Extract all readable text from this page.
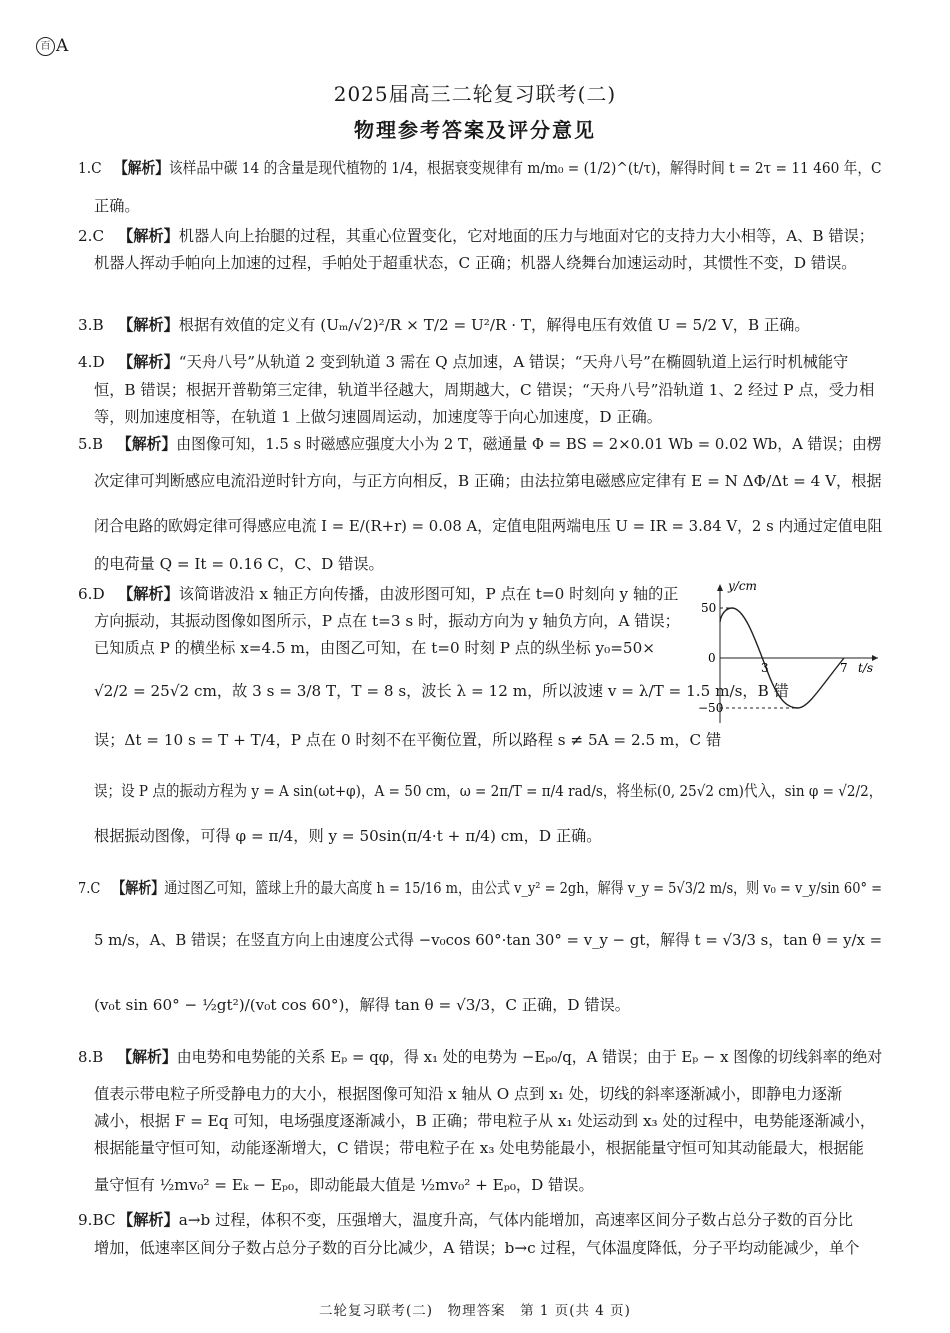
百 A
2025届高三二轮复习联考(二)
物理参考答案及评分意见
1.C 【解析】该样品中碳 14 的含量是现代植物的 1/4，根据衰变规律有 m/m₀ = (1/2)^(t/τ)，解得时间 t = 2τ = 11 460 年，C
正确。
2.C 【解析】机器人向上抬腿的过程，其重心位置变化，它对地面的压力与地面对它的支持力大小相等，A、B 错误；
机器人挥动手帕向上加速的过程，手帕处于超重状态，C 正确；机器人绕舞台加速运动时，其惯性不变，D 错误。
3.B 【解析】根据有效值的定义有 (Uₘ/√2)²/R × T/2 = U²/R · T，解得电压有效值 U = 5/2 V，B 正确。
4.D 【解析】“天舟八号”从轨道 2 变到轨道 3 需在 Q 点加速，A 错误；“天舟八号”在椭圆轨道上运行时机械能守
恒，B 错误；根据开普勒第三定律，轨道半径越大，周期越大，C 错误；“天舟八号”沿轨道 1、2 经过 P 点，受力相
等，则加速度相等，在轨道 1 上做匀速圆周运动，加速度等于向心加速度，D 正确。
5.B 【解析】由图像可知，1.5 s 时磁感应强度大小为 2 T，磁通量 Φ = BS = 2×0.01 Wb = 0.02 Wb，A 错误；由楞
次定律可判断感应电流沿逆时针方向，与正方向相反，B 正确；由法拉第电磁感应定律有 E = N ΔΦ/Δt = 4 V，根据
闭合电路的欧姆定律可得感应电流 I = E/(R+r) = 0.08 A，定值电阻两端电压 U = IR = 3.84 V，2 s 内通过定值电阻
的电荷量 Q = It = 0.16 C，C、D 错误。
6.D 【解析】该简谐波沿 x 轴正方向传播，由波形图可知，P 点在 t=0 时刻向 y 轴的正
方向振动，其振动图像如图所示，P 点在 t=3 s 时，振动方向为 y 轴负方向，A 错误；
已知质点 P 的横坐标 x=4.5 m，由图乙可知，在 t=0 时刻 P 点的纵坐标 y₀=50×
√2/2 = 25√2 cm，故 3 s = 3/8 T，T = 8 s，波长 λ = 12 m，所以波速 v = λ/T = 1.5 m/s，B 错
误；Δt = 10 s = T + T/4，P 点在 0 时刻不在平衡位置，所以路程 s ≠ 5A = 2.5 m，C 错
误；设 P 点的振动方程为 y = A sin(ωt+φ)，A = 50 cm，ω = 2π/T = π/4 rad/s，将坐标(0, 25√2 cm)代入，sin φ = √2/2，
根据振动图像，可得 φ = π/4，则 y = 50sin(π/4·t + π/4) cm，D 正确。
y/cm
50
0
−50
3	7 t/s
7.C 【解析】通过图乙可知，篮球上升的最大高度 h = 15/16 m，由公式 v_y² = 2gh，解得 v_y = 5√3/2 m/s，则 v₀ = v_y/sin 60° =
5 m/s，A、B 错误；在竖直方向上由速度公式得 −v₀cos 60°·tan 30° = v_y − gt，解得 t = √3/3 s，tan θ = y/x =
(v₀t sin 60° − ½gt²)/(v₀t cos 60°)，解得 tan θ = √3/3，C 正确，D 错误。
8.B 【解析】由电势和电势能的关系 Eₚ = qφ，得 x₁ 处的电势为 −Eₚ₀/q，A 错误；由于 Eₚ − x 图像的切线斜率的绝对
值表示带电粒子所受静电力的大小，根据图像可知沿 x 轴从 O 点到 x₁ 处，切线的斜率逐渐减小，即静电力逐渐
减小，根据 F = Eq 可知，电场强度逐渐减小，B 正确；带电粒子从 x₁ 处运动到 x₃ 处的过程中，电势能逐渐减小，
根据能量守恒可知，动能逐渐增大，C 错误；带电粒子在 x₃ 处电势能最小，根据能量守恒可知其动能最大，根据能
量守恒有 ½mv₀² = Eₖ − Eₚ₀，即动能最大值是 ½mv₀² + Eₚ₀，D 错误。
9.BC 【解析】a→b 过程，体积不变，压强增大，温度升高，气体内能增加，高速率区间分子数占总分子数的百分比
增加，低速率区间分子数占总分子数的百分比减少，A 错误；b→c 过程，气体温度降低，分子平均动能减少，单个
二轮复习联考(二)　物理答案　第 1 页(共 4 页)
